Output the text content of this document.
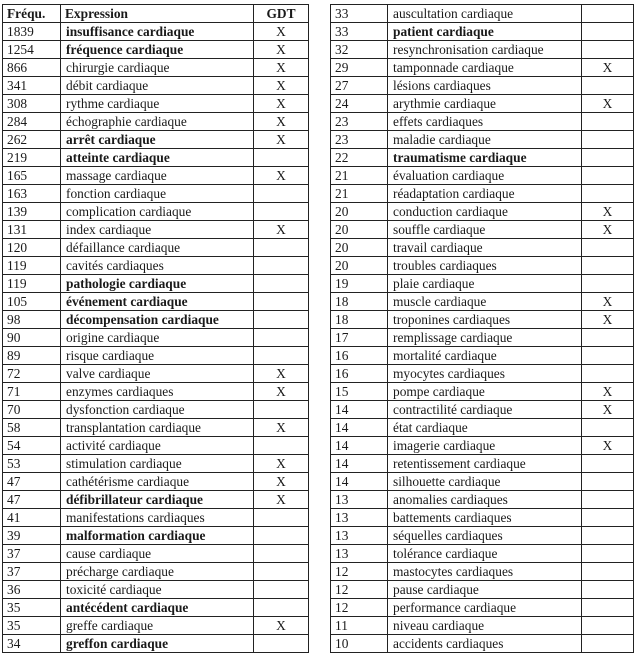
Fréqu.	Expression	GDT
1839	insuffisance cardiaque	X
1254	fréquence cardiaque	X
866	chirurgie cardiaque	X
341	débit cardiaque	X
308	rythme cardiaque	X
284	échographie cardiaque	X
262	arrêt cardiaque	X
219	atteinte cardiaque	
165	massage cardiaque	X
163	fonction cardiaque	
139	complication cardiaque	
131	index cardiaque	X
120	défaillance cardiaque	
119	cavités cardiaques	
119	pathologie cardiaque	
105	événement cardiaque	
98	décompensation cardiaque	
90	origine cardiaque	
89	risque cardiaque	
72	valve cardiaque	X
71	enzymes cardiaques	X
70	dysfonction cardiaque	
58	transplantation cardiaque	X
54	activité cardiaque	
53	stimulation cardiaque	X
47	cathétérisme cardiaque	X
47	défibrillateur cardiaque	X
41	manifestations cardiaques	
39	malformation cardiaque	
37	cause cardiaque	
37	précharge cardiaque	
36	toxicité cardiaque	
35	antécédent cardiaque	
35	greffe cardiaque	X
34	greffon cardiaque	
33	auscultation cardiaque	
33	patient cardiaque	
32	resynchronisation cardiaque	
29	tamponnade cardiaque	X
27	lésions cardiaques	
24	arythmie cardiaque	X
23	effets cardiaques	
23	maladie cardiaque	
22	traumatisme cardiaque	
21	évaluation cardiaque	
21	réadaptation cardiaque	
20	conduction cardiaque	X
20	souffle cardiaque	X
20	travail cardiaque	
20	troubles cardiaques	
19	plaie cardiaque	
18	muscle cardiaque	X
18	troponines cardiaques	X
17	remplissage cardiaque	
16	mortalité cardiaque	
16	myocytes cardiaques	
15	pompe cardiaque	X
14	contractilité cardiaque	X
14	état cardiaque	
14	imagerie cardiaque	X
14	retentissement cardiaque	
14	silhouette cardiaque	
13	anomalies cardiaques	
13	battements cardiaques	
13	séquelles cardiaques	
13	tolérance cardiaque	
12	mastocytes cardiaques	
12	pause cardiaque	
12	performance cardiaque	
11	niveau cardiaque	
10	accidents cardiaques	
